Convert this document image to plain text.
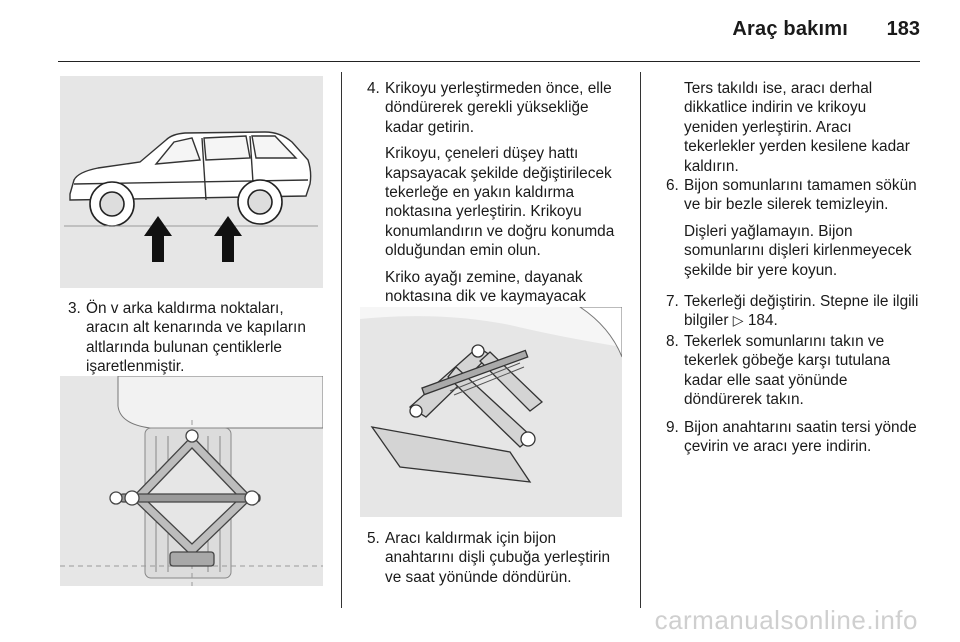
Araç bakımı 183
3. Ön v arka kaldırma noktaları, aracın alt kenarında ve kapıların altlarında bulunan çentiklerle işaretlenmiştir.

4. Krikoyu yerleştirmeden önce, elle döndürerek gerekli yüksekliğe kadar getirin.

Krikoyu, çeneleri düşey hattı kapsayacak şekilde değiştirilecek tekerleğe en yakın kaldırma noktasına yerleştirin. Krikoyu konumlandırın ve doğru konumda olduğundan emin olun.

Kriko ayağı zemine, dayanak noktasına dik ve kaymayacak

5. Aracı kaldırmak için bijon anahtarını dişli çubuğa yerleştirin ve saat yönünde döndürün.

Ters takıldı ise, aracı derhal dikkatlice indirin ve krikoyu yeniden yerleştirin. Aracı tekerlekler yerden kesilene kadar kaldırın.

6. Bijon somunlarını tamamen sökün ve bir bezle silerek temizleyin.

Dişleri yağlamayın. Bijon somunlarını dişleri kirlenmeyecek şekilde bir yere koyun.

7. Tekerleği değiştirin. Stepne ile ilgili bilgiler ▷ 184.

8. Tekerlek somunlarını takın ve tekerlek göbeğe karşı tutulana kadar elle saat yönünde döndürerek takın.

9. Bijon anahtarını saatin tersi yönde çevirin ve aracı yere indirin.

carmanualsonline.info
